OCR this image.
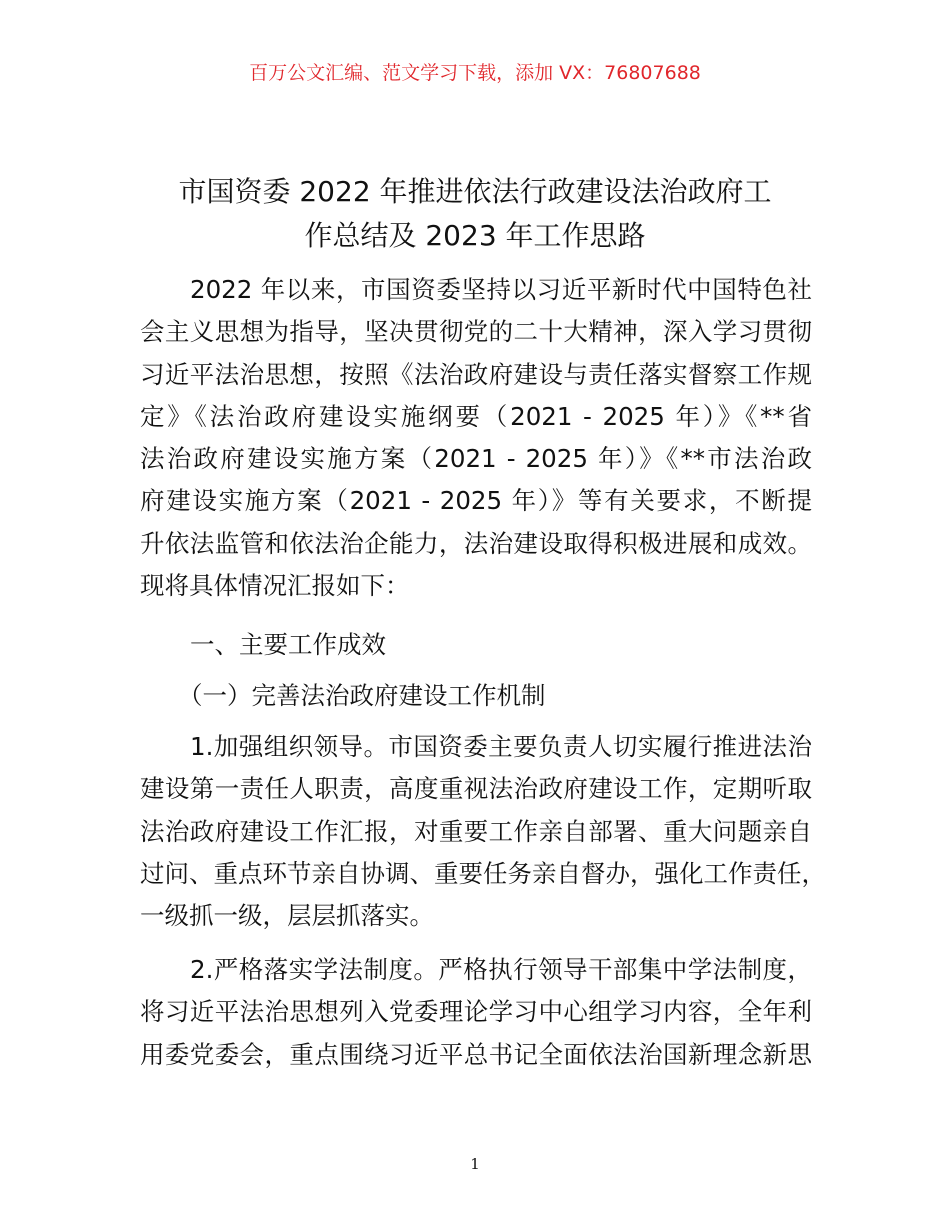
百万公文汇编、范文学习下载，添加 VX：76807688
市国资委 2022 年推进依法行政建设法治政府工
作总结及 2023 年工作思路
2022 年以来，市国资委坚持以习近平新时代中国特色社
会主义思想为指导，坚决贯彻党的二十大精神，深入学习贯彻
习近平法治思想，按照《法治政府建设与责任落实督察工作规
定》《法治政府建设实施纲要（2021 - 2025 年）》《**省
法治政府建设实施方案（2021 - 2025 年）》《**市法治政
府建设实施方案（2021 - 2025 年）》等有关要求，不断提
升依法监管和依法治企能力，法治建设取得积极进展和成效。
现将具体情况汇报如下：
一、主要工作成效
（一）完善法治政府建设工作机制
1.加强组织领导。市国资委主要负责人切实履行推进法治
建设第一责任人职责，高度重视法治政府建设工作，定期听取
法治政府建设工作汇报，对重要工作亲自部署、重大问题亲自
过问、重点环节亲自协调、重要任务亲自督办，强化工作责任，
一级抓一级，层层抓落实。
2.严格落实学法制度。严格执行领导干部集中学法制度，
将习近平法治思想列入党委理论学习中心组学习内容，全年利
用委党委会，重点围绕习近平总书记全面依法治国新理念新思
1
